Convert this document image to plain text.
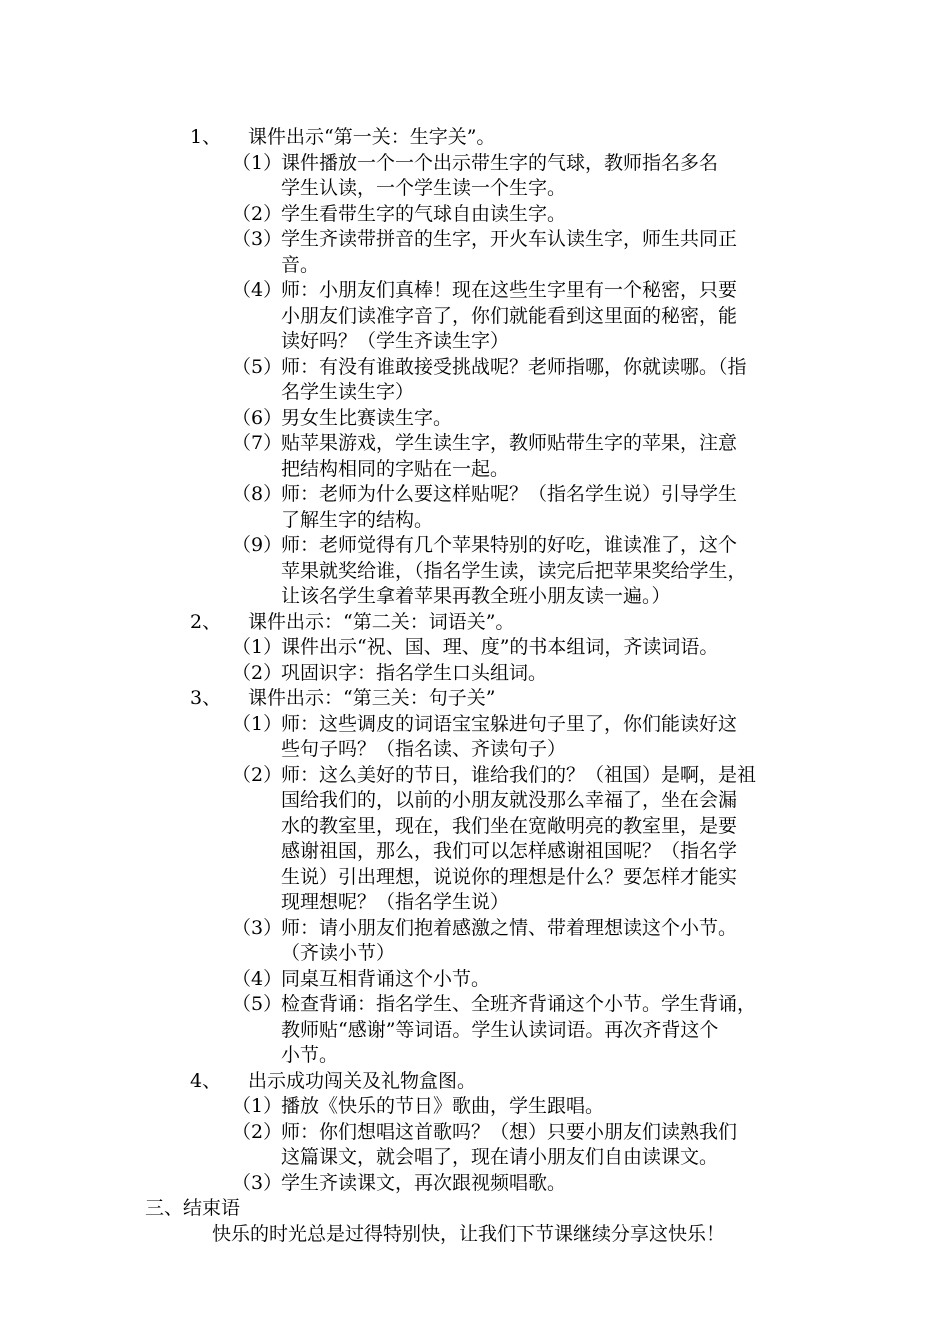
1、 课件出示“第一关：生字关”。
（1）
课件播放一个一个出示带生字的气球，教师指名多名
学生认读，一个学生读一个生字。
（2）
学生看带生字的气球自由读生字。
（3）
学生齐读带拼音的生字，开火车认读生字，师生共同正
音。
（4）
师：小朋友们真棒！现在这些生字里有一个秘密，只要
小朋友们读准字音了，你们就能看到这里面的秘密，能
读好吗？（学生齐读生字）
（5）
师：有没有谁敢接受挑战呢？老师指哪，你就读哪。（指
名学生读生字）
（6）
男女生比赛读生字。
（7）
贴苹果游戏，学生读生字，教师贴带生字的苹果，注意
把结构相同的字贴在一起。
（8）
师：老师为什么要这样贴呢？（指名学生说）引导学生
了解生字的结构。
（9）
师：老师觉得有几个苹果特别的好吃，谁读准了，这个
苹果就奖给谁，（指名学生读，读完后把苹果奖给学生，
让该名学生拿着苹果再教全班小朋友读一遍。）
2、 课件出示：“第二关：词语关”。
（1）
课件出示“祝、国、理、度”的书本组词，齐读词语。
（2）
巩固识字：指名学生口头组词。
3、 课件出示：“第三关：句子关”
（1）
师：这些调皮的词语宝宝躲进句子里了，你们能读好这
些句子吗？（指名读、齐读句子）
（2）
师：这么美好的节日，谁给我们的？（祖国）是啊，是祖
国给我们的，以前的小朋友就没那么幸福了，坐在会漏
水的教室里，现在，我们坐在宽敞明亮的教室里，是要
感谢祖国，那么，我们可以怎样感谢祖国呢？（指名学
生说）引出理想，说说你的理想是什么？要怎样才能实
现理想呢？（指名学生说）
（3）
师：请小朋友们抱着感激之情、带着理想读这个小节。
（齐读小节）
（4）
同桌互相背诵这个小节。
（5）
检查背诵：指名学生、全班齐背诵这个小节。学生背诵，
教师贴“感谢”等词语。学生认读词语。再次齐背这个
小节。
4、 出示成功闯关及礼物盒图。
（1）
播放《快乐的节日》歌曲，学生跟唱。
（2）
师：你们想唱这首歌吗？（想）只要小朋友们读熟我们
这篇课文，就会唱了，现在请小朋友们自由读课文。
（3）
学生齐读课文，再次跟视频唱歌。
三、结束语
快乐的时光总是过得特别快，让我们下节课继续分享这快乐！
